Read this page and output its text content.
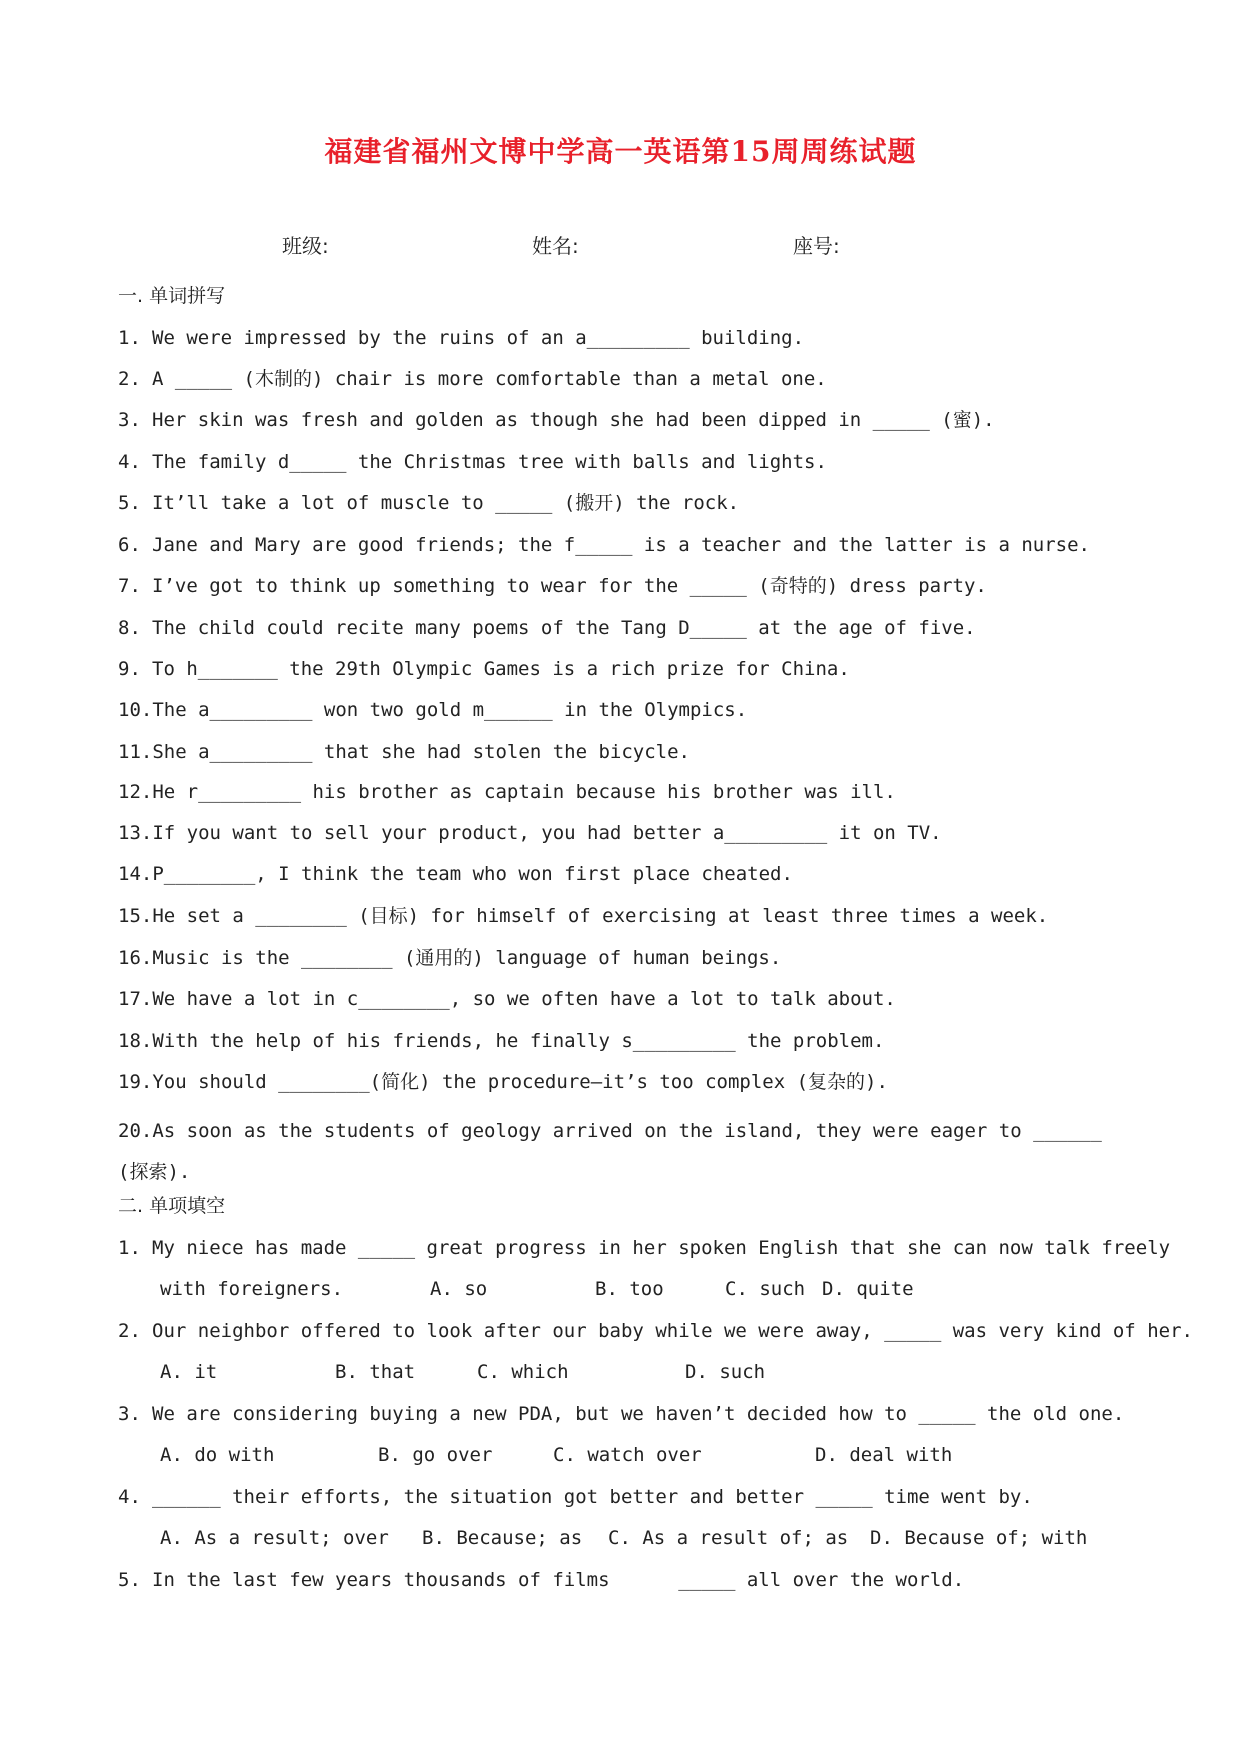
福建省福州文博中学高一英语第15周周练试题
班级:	姓名:	座号:
一. 单词拼写
1. We were impressed by the ruins of an a_________ building.
2. A _____ (木制的) chair is more comfortable than a metal one.
3. Her skin was fresh and golden as though she had been dipped in _____ (蜜).
4. The family d_____ the Christmas tree with balls and lights.
5. It’ll take a lot of muscle to _____ (搬开) the rock.
6. Jane and Mary are good friends; the f_____ is a teacher and the latter is a nurse.
7. I’ve got to think up something to wear for the _____ (奇特的) dress party.
8. The child could recite many poems of the Tang D_____ at the age of five.
9. To h_______ the 29th Olympic Games is a rich prize for China.
10.The a_________ won two gold m______ in the Olympics.
11.She a_________ that she had stolen the bicycle.
12.He r_________ his brother as captain because his brother was ill.
13.If you want to sell your product, you had better a_________ it on TV.
14.P________, I think the team who won first place cheated.
15.He set a ________ (目标) for himself of exercising at least three times a week.
16.Music is the ________ (通用的) language of human beings.
17.We have a lot in c________, so we often have a lot to talk about.
18.With the help of his friends, he finally s_________ the problem.
19.You should ________(简化) the procedure—it’s too complex (复杂的).
20.As soon as the students of geology arrived on the island, they were eager to ______ (探索).
二. 单项填空
1. My niece has made _____ great progress in her spoken English that she can now talk freely
with foreigners.	A. so	B. too	C. such D. quite
2. Our neighbor offered to look after our baby while we were away, _____ was very kind of her.
A. it	B. that	C. which	D. such
3. We are considering buying a new PDA, but we haven’t decided how to _____ the old one.
A. do with	B. go over	C. watch over	D. deal with
4. ______ their efforts, the situation got better and better _____ time went by.
A. As a result; over B. Because; as C. As a result of; as D. Because of; with
5. In the last few years thousands of films      _____ all over the world.
